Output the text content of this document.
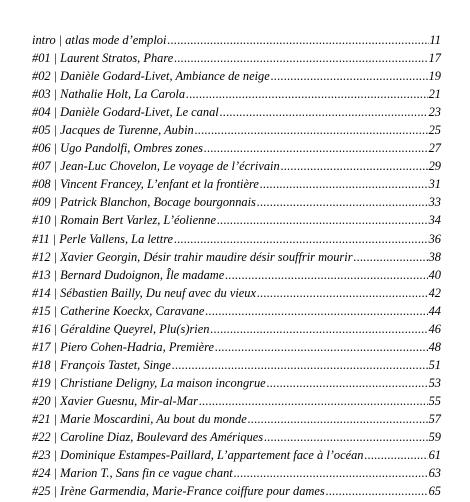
intro | atlas mode d’emploi .....	11
#01 | Laurent Stratos, Phare .....	17
#02 | Danièle Godard-Livet, Ambiance de neige .....	19
#03 | Nathalie Holt, La Carola .....	21
#04 | Danièle Godard-Livet, Le canal .....	23
#05 | Jacques de Turenne, Aubin .....	25
#06 | Ugo Pandolfi, Ombres zones .....	27
#07 | Jean-Luc Chovelon, Le voyage de l’écrivain .....	29
#08 | Vincent Francey, L’enfant et la frontière .....	31
#09 | Patrick Blanchon, Bocage bourgonnais .....	33
#10 | Romain Bert Varlez, L’éolienne .....	34
#11 | Perle Vallens, La lettre .....	36
#12 | Xavier Georgin, Désir trahir maudire désir souffrir mourir .....	38
#13 | Bernard Dudoignon, Île madame .....	40
#14 | Sébastien Bailly, Du neuf avec du vieux .....	42
#15 | Catherine Koeckx, Caravane .....	44
#16 | Géraldine Queyrel, Plu(s)rien .....	46
#17 | Piero Cohen-Hadria, Première .....	48
#18 | François Tastet, Singe .....	51
#19 | Christiane Deligny, La maison incongrue .....	53
#20 | Xavier Guesnu, Mir-al-Mar .....	55
#21 | Marie Moscardini, Au bout du monde .....	57
#22 | Caroline Diaz, Boulevard des Amériques .....	59
#23 | Dominique Estampes-Paillard, L’appartement face à l’océan .....	61
#24 | Marion T., Sans fin ce vague chant .....	63
#25 | Irène Garmendia, Marie-France coiffure pour dames .....	65
